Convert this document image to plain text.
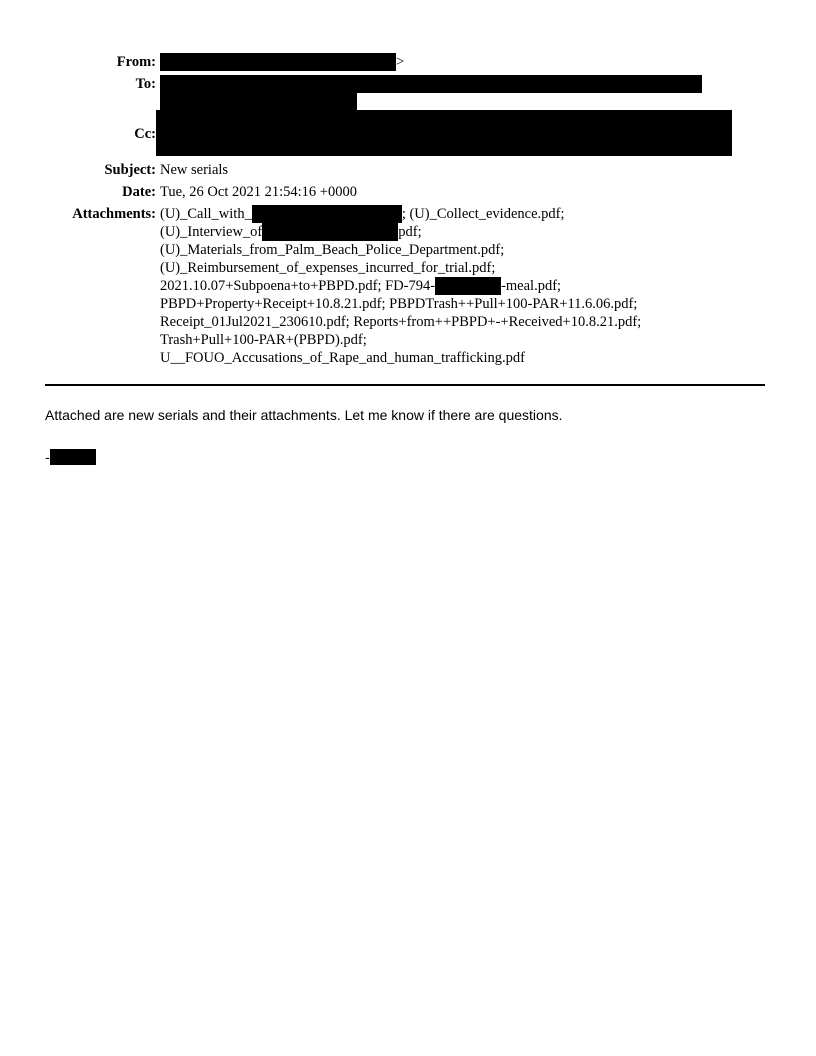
From:	>
To:
Cc:
Subject: New serials
Date: Tue, 26 Oct 2021 21:54:16 +0000
Attachments: (U)_Call_with_	; (U)_Collect_evidence.pdf;
(U)_Interview_of	pdf;
(U)_Materials_from_Palm_Beach_Police_Department.pdf;
(U)_Reimbursement_of_expenses_incurred_for_trial.pdf;
2021.10.07+Subpoena+to+PBPD.pdf; FD-794-	-meal.pdf;
PBPD+Property+Receipt+10.8.21.pdf; PBPDTrash++Pull+100-PAR+11.6.06.pdf;
Receipt_01Jul2021_230610.pdf; Reports+from++PBPD+-+Received+10.8.21.pdf;
Trash+Pull+100-PAR+(PBPD).pdf;
U__FOUO_Accusations_of_Rape_and_human_trafficking.pdf
Attached are new serials and their attachments. Let me know if there are questions.
-
